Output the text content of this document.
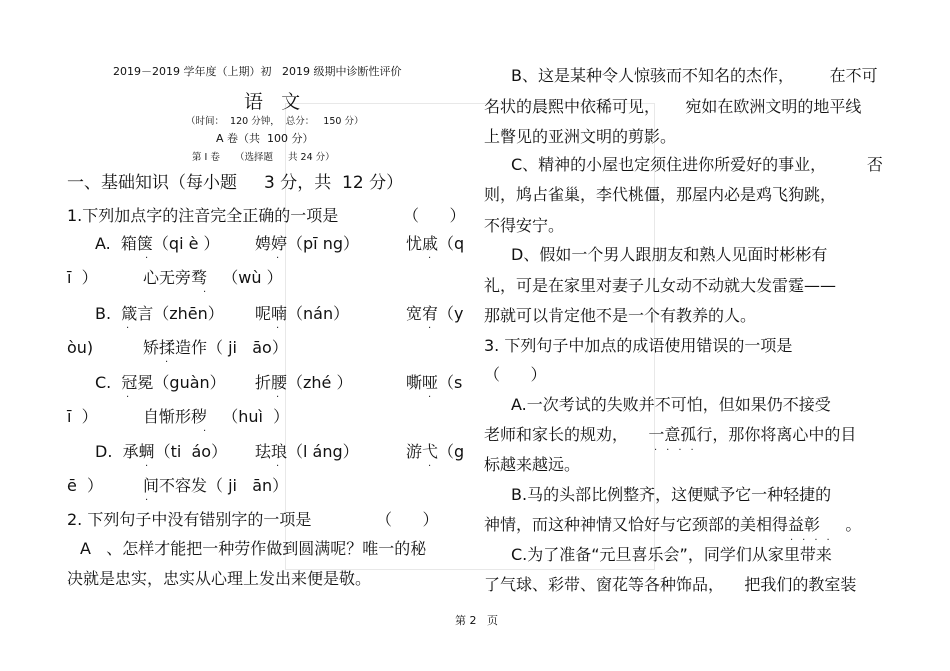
2019－2019 学年度（上期）初   2019 级期中诊断性评价
语   文
（时间：  120 分钟，  总分：   150 分）
A 卷（共  100 分）
第 I 卷     （选择题     共 24 分）
一、基础知识（每小题     3 分，共  12 分）
1.下列加点字的注音完全正确的一项是	（      ）
A.  箱箧（qi è ） 娉婷（pī ng）	忧戚（q
·	·	·
ī  ）	心无旁骛   （wù ）
·
B.  箴言（zhēn） 呢喃（nán）	宽宥（y
·	·	·
òu)	矫揉造作（ ji   āo）
·
C.  冠冕（guàn） 折腰（zhé ）	嘶哑（s
·	·	·
ī  ）	自惭形秽   （huì  ）
·
D.  承蜩（ti  áo） 珐琅（l áng）	游弋（g
·	·	·
ē  ） 间不容发（ ji   ān）
·
2. 下列句子中没有错别字的一项是	（      ）
A   、怎样才能把一种劳作做到圆满呢？唯一的秘
决就是忠实，忠实从心理上发出来便是敬。
B、这是某种令人惊骇而不知名的杰作，       在不可
名状的晨熙中依稀可见，     宛如在欧洲文明的地平线
上瞥见的亚洲文明的剪影。
C、精神的小屋也定须住进你所爱好的事业，        否
则，鸠占雀巢，李代桃僵，那屋内必是鸡飞狗跳，
不得安宁。
D、假如一个男人跟朋友和熟人见面时彬彬有
礼，可是在家里对妻子儿女动不动就大发雷霆——
那就可以肯定他不是一个有教养的人。
3. 下列句子中加点的成语使用错误的一项是
（      ）
A.一次考试的失败并不可怕，但如果仍不接受
老师和家长的规劝，    一意孤行，那你将离心中的目
····
标越来越远。
B.马的头部比例整齐，这便赋予它一种轻捷的
神情，而这种神情又恰好与它颈部的美相得益彰     。
····
C.为了准备“元旦喜乐会”，同学们从家里带来
了气球、彩带、窗花等各种饰品，    把我们的教室装
第 2   页
